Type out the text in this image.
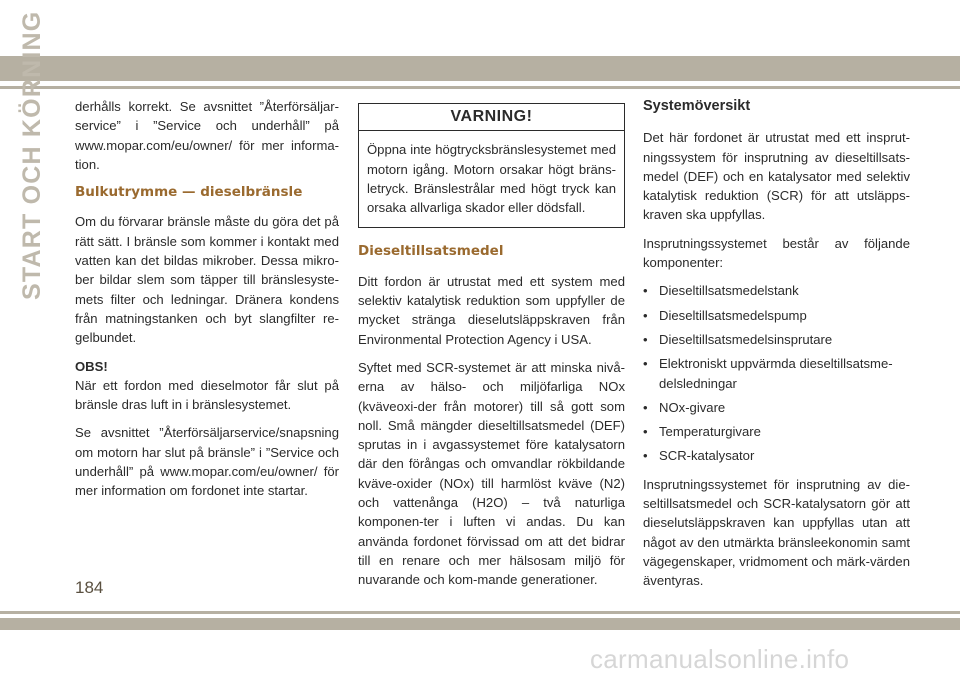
START OCH KÖRNING derhålls korrekt. Se avsnittet ”Återförsäljar-service” i ”Service och underhåll” på www.mopar.com/eu/owner/ för mer informa-tion.

Bulkutrymme — dieselbränsle

Om du förvarar bränsle måste du göra det på rätt sätt. I bränsle som kommer i kontakt med vatten kan det bildas mikrober. Dessa mikro-ber bildar slem som täpper till bränslesyste-mets filter och ledningar. Dränera kondens från matningstanken och byt slangfilter re-gelbundet.

OBS!

När ett fordon med dieselmotor får slut på bränsle dras luft in i bränslesystemet.

Se avsnittet ”Återförsäljarservice/snapsning om motorn har slut på bränsle” i ”Service och underhåll” på www.mopar.com/eu/owner/ för mer information om fordonet inte startar.

VARNING!
Öppna inte högtrycksbränslesystemet med motorn igång. Motorn orsakar högt bräns-letryck. Bränslestrålar med högt tryck kan orsaka allvarliga skador eller dödsfall.
Dieseltillsatsmedel

Ditt fordon är utrustat med ett system med selektiv katalytisk reduktion som uppfyller de mycket stränga dieselutsläppskraven från Environmental Protection Agency i USA.

Syftet med SCR-systemet är att minska nivå-erna av hälso- och miljöfarliga NOx (kväveoxi-der från motorer) till så gott som noll. Små mängder dieseltillsatsmedel (DEF) sprutas in i avgassystemet före katalysatorn där den förångas och omvandlar rökbildande kväve-oxider (NOx) till harmlöst kväve (N2) och vattenånga (H2O) – två naturliga komponen-ter i luften vi andas. Du kan använda fordonet förvissad om att det bidrar till en renare och mer hälsosam miljö för nuvarande och kom-mande generationer.

Systemöversikt

Det här fordonet är utrustat med ett insprut-ningssystem för insprutning av dieseltillsats-medel (DEF) och en katalysator med selektiv katalytisk reduktion (SCR) för att utsläpps-kraven ska uppfyllas.

Insprutningssystemet består av följande komponenter:

• Dieseltillsatsmedelstank
• Dieseltillsatsmedelspump
• Dieseltillsatsmedelsinsprutare
• Elektroniskt uppvärmda dieseltillsatsme-delsledningar
• NOx-givare
• Temperaturgivare
• SCR-katalysator

Insprutningssystemet för insprutning av die-seltillsatsmedel och SCR-katalysatorn gör att dieselutsläppskraven kan uppfyllas utan att något av den utmärkta bränsleekonomin samt vägegenskaper, vridmoment och märk-värden äventyras.

184
carmanualsonline.info
